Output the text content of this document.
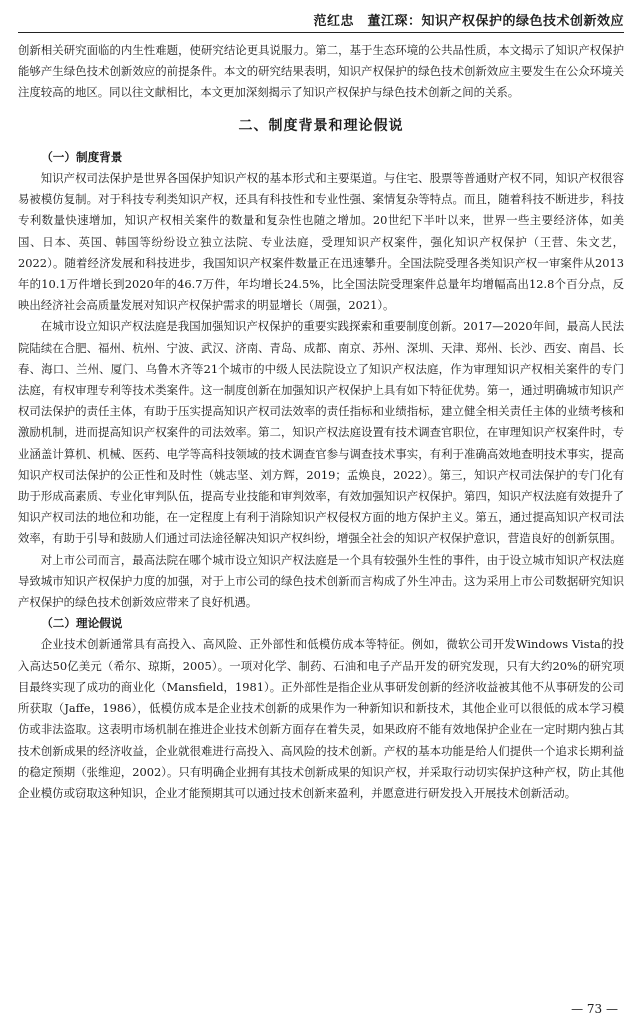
范红忠　董江琛：知识产权保护的绿色技术创新效应

创新相关研究面临的内生性难题，使研究结论更具说服力。第二，基于生态环境的公共品性质，本文揭示了知识产权保护能够产生绿色技术创新效应的前提条件。本文的研究结果表明，知识产权保护的绿色技术创新效应主要发生在公众环境关注度较高的地区。同以往文献相比，本文更加深刻揭示了知识产权保护与绿色技术创新之间的关系。

二、制度背景和理论假说

（一）制度背景

知识产权司法保护是世界各国保护知识产权的基本形式和主要渠道。与住宅、股票等普通财产权不同，知识产权很容易被模仿复制。对于科技专利类知识产权，还具有科技性和专业性强、案情复杂等特点。而且，随着科技不断进步，科技专利数量快速增加，知识产权相关案件的数量和复杂性也随之增加。20世纪下半叶以来，世界一些主要经济体，如美国、日本、英国、韩国等纷纷设立独立法院、专业法庭，受理知识产权案件，强化知识产权保护（王营、朱文艺，2022）。随着经济发展和科技进步，我国知识产权案件数量正在迅速攀升。全国法院受理各类知识产权一审案件从2013年的10.1万件增长到2020年的46.7万件，年均增长24.5%，比全国法院受理案件总量年均增幅高出12.8个百分点，反映出经济社会高质量发展对知识产权保护需求的明显增长（周强，2021）。

在城市设立知识产权法庭是我国加强知识产权保护的重要实践探索和重要制度创新。2017—2020年间，最高人民法院陆续在合肥、福州、杭州、宁波、武汉、济南、青岛、成都、南京、苏州、深圳、天津、郑州、长沙、西安、南昌、长春、海口、兰州、厦门、乌鲁木齐等21个城市的中级人民法院设立了知识产权法庭，作为审理知识产权相关案件的专门法庭，有权审理专利等技术类案件。这一制度创新在加强知识产权保护上具有如下特征优势。第一，通过明确城市知识产权司法保护的责任主体，有助于压实提高知识产权司法效率的责任指标和业绩指标，建立健全相关责任主体的业绩考核和激励机制，进而提高知识产权案件的司法效率。第二，知识产权法庭设置有技术调查官职位，在审理知识产权案件时，专业涵盖计算机、机械、医药、电学等高科技领域的技术调查官参与调查技术事实，有利于准确高效地查明技术事实，提高知识产权司法保护的公正性和及时性（姚志坚、刘方辉，2019；孟焕良，2022）。第三，知识产权司法保护的专门化有助于形成高素质、专业化审判队伍，提高专业技能和审判效率，有效加强知识产权保护。第四，知识产权法庭有效提升了知识产权司法的地位和功能，在一定程度上有利于消除知识产权侵权方面的地方保护主义。第五，通过提高知识产权司法效率，有助于引导和鼓励人们通过司法途径解决知识产权纠纷，增强全社会的知识产权保护意识，营造良好的创新氛围。

对上市公司而言，最高法院在哪个城市设立知识产权法庭是一个具有较强外生性的事件，由于设立城市知识产权法庭导致城市知识产权保护力度的加强，对于上市公司的绿色技术创新而言构成了外生冲击。这为采用上市公司数据研究知识产权保护的绿色技术创新效应带来了良好机遇。

（二）理论假说

企业技术创新通常具有高投入、高风险、正外部性和低模仿成本等特征。例如，微软公司开发Windows Vista的投入高达50亿美元（希尔、琼斯，2005）。一项对化学、制药、石油和电子产品开发的研究发现，只有大约20%的研究项目最终实现了成功的商业化（Mansfield，1981）。正外部性是指企业从事研发创新的经济收益被其他不从事研发的公司所获取（Jaffe，1986），低模仿成本是企业技术创新的成果作为一种新知识和新技术，其他企业可以很低的成本学习模仿或非法盗取。这表明市场机制在推进企业技术创新方面存在着失灵，如果政府不能有效地保护企业在一定时期内独占其技术创新成果的经济收益，企业就很难进行高投入、高风险的技术创新。产权的基本功能是给人们提供一个追求长期利益的稳定预期（张维迎，2002）。只有明确企业拥有其技术创新成果的知识产权，并采取行动切实保护这种产权，防止其他企业模仿或窃取这种知识，企业才能预期其可以通过技术创新来盈利，并愿意进行研发投入开展技术创新活动。

— 73 —
